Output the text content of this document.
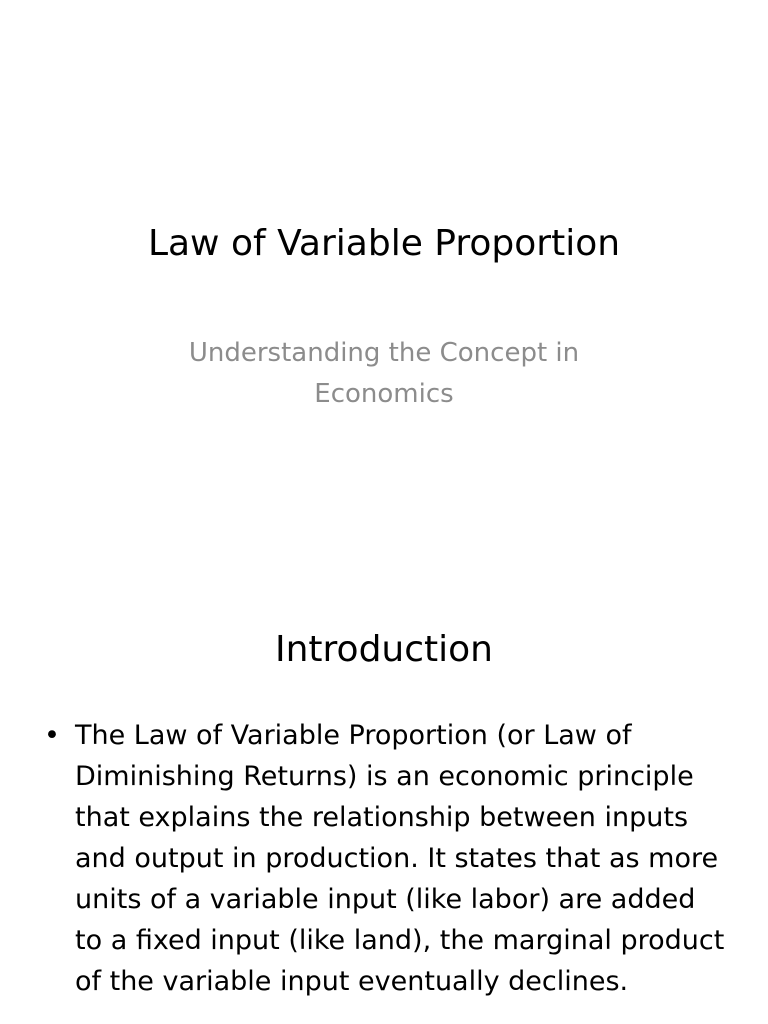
Law of Variable Proportion
Understanding the Concept in Economics
Introduction
• The Law of Variable Proportion (or Law of Diminishing Returns) is an economic principle that explains the relationship between inputs and output in production. It states that as more units of a variable input (like labor) are added to a fixed input (like land), the marginal product of the variable input eventually declines.
